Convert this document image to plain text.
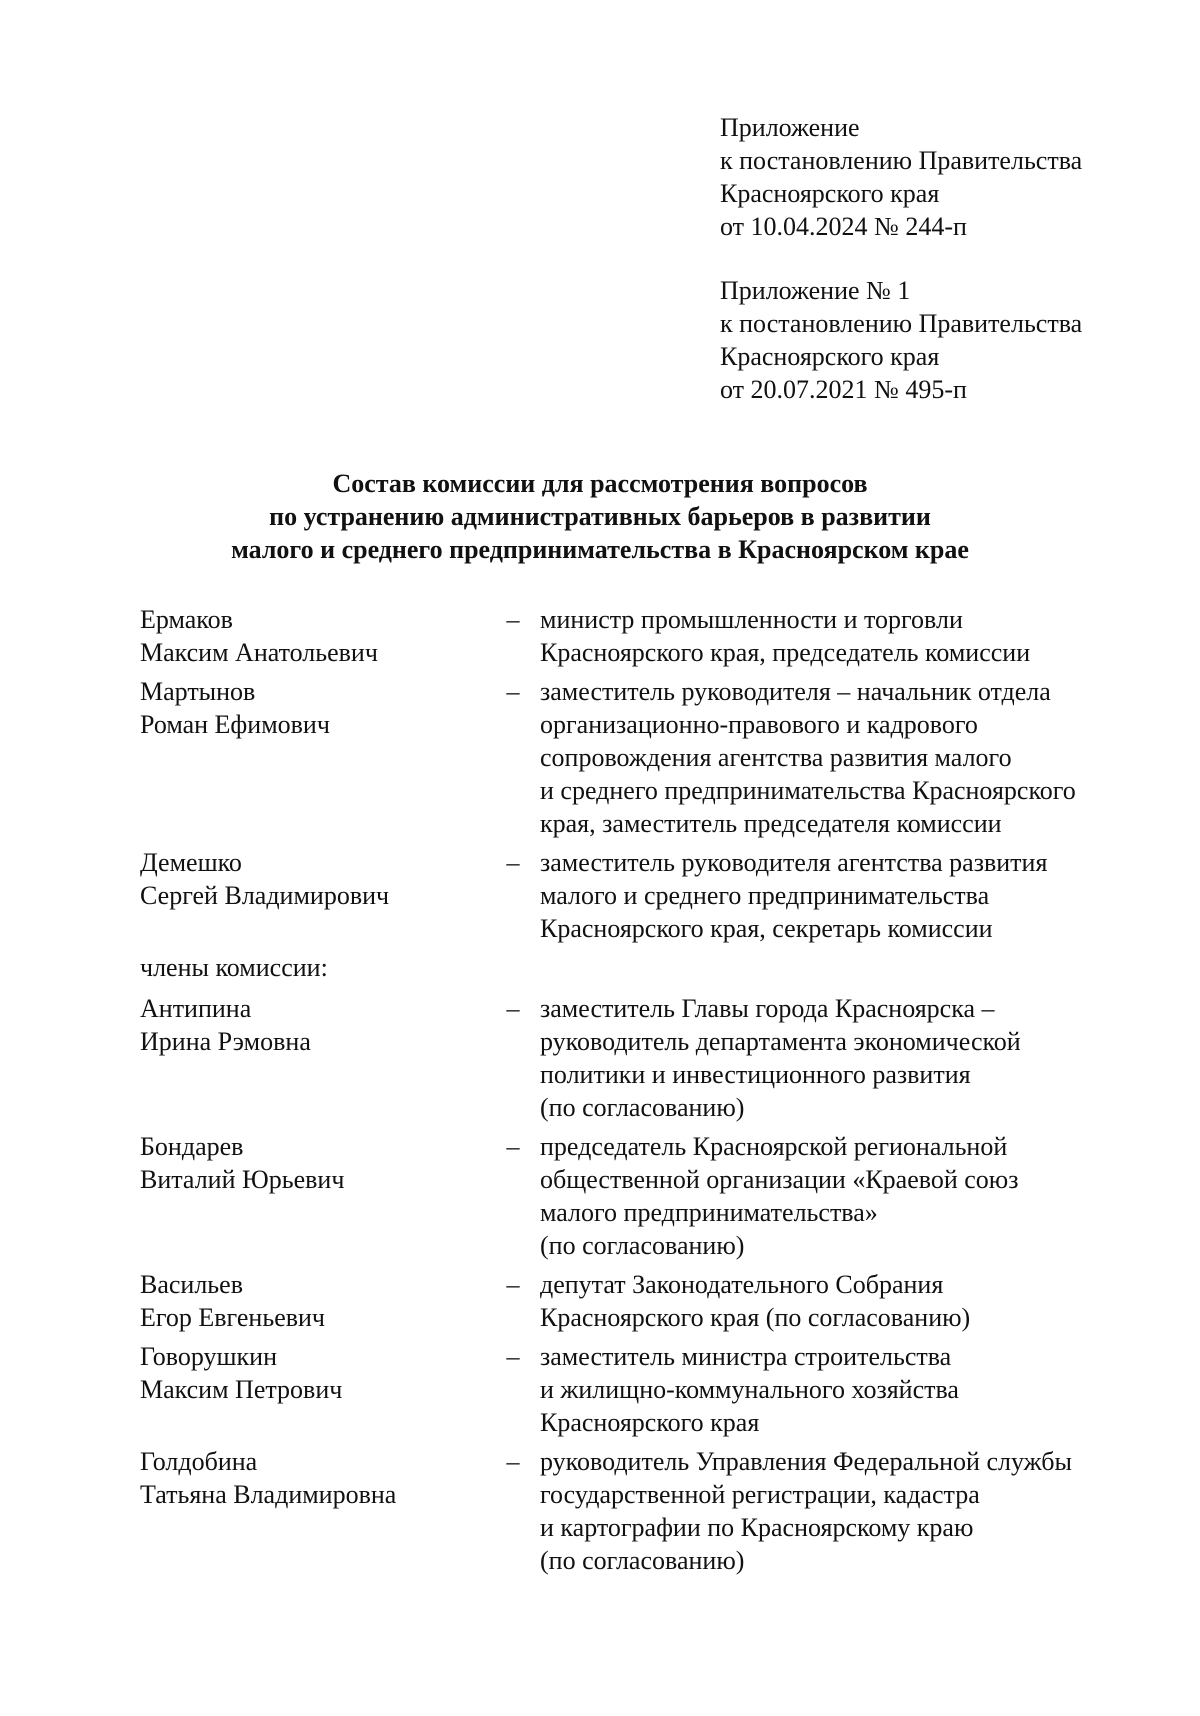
Приложение

к постановлению Правительства

Красноярского края

от 10.04.2024 № 244-п

Приложение № 1

к постановлению Правительства

Красноярского края

от 20.07.2021 № 495-п

Состав комиссии для рассмотрения вопросов

по устранению административных барьеров в развитии

малого и среднего предпринимательства в Красноярском крае

Ермаков

Максим Анатольевич

– министр промышленности и торговли

Красноярского края, председатель комиссии

Мартынов

Роман Ефимович

– заместитель руководителя – начальник отдела

организационно-правового и кадрового

сопровождения агентства развития малого

и среднего предпринимательства Красноярского

края, заместитель председателя комиссии

Демешко

Сергей Владимирович

– заместитель руководителя агентства развития

малого и среднего предпринимательства

Красноярского края, секретарь комиссии

члены комиссии:

Антипина

Ирина Рэмовна

– заместитель Главы города Красноярска –

руководитель департамента экономической

политики и инвестиционного развития

(по согласованию)

Бондарев

Виталий Юрьевич

– председатель Красноярской региональной

общественной организации «Краевой союз

малого предпринимательства»

(по согласованию)

Васильев

Егор Евгеньевич

– депутат Законодательного Собрания

Красноярского края (по согласованию)

Говорушкин

Максим Петрович

– заместитель министра строительства

и жилищно-коммунального хозяйства

Красноярского края

Голдобина

Татьяна Владимировна

– руководитель Управления Федеральной службы

государственной регистрации, кадастра

и картографии по Красноярскому краю

(по согласованию)
